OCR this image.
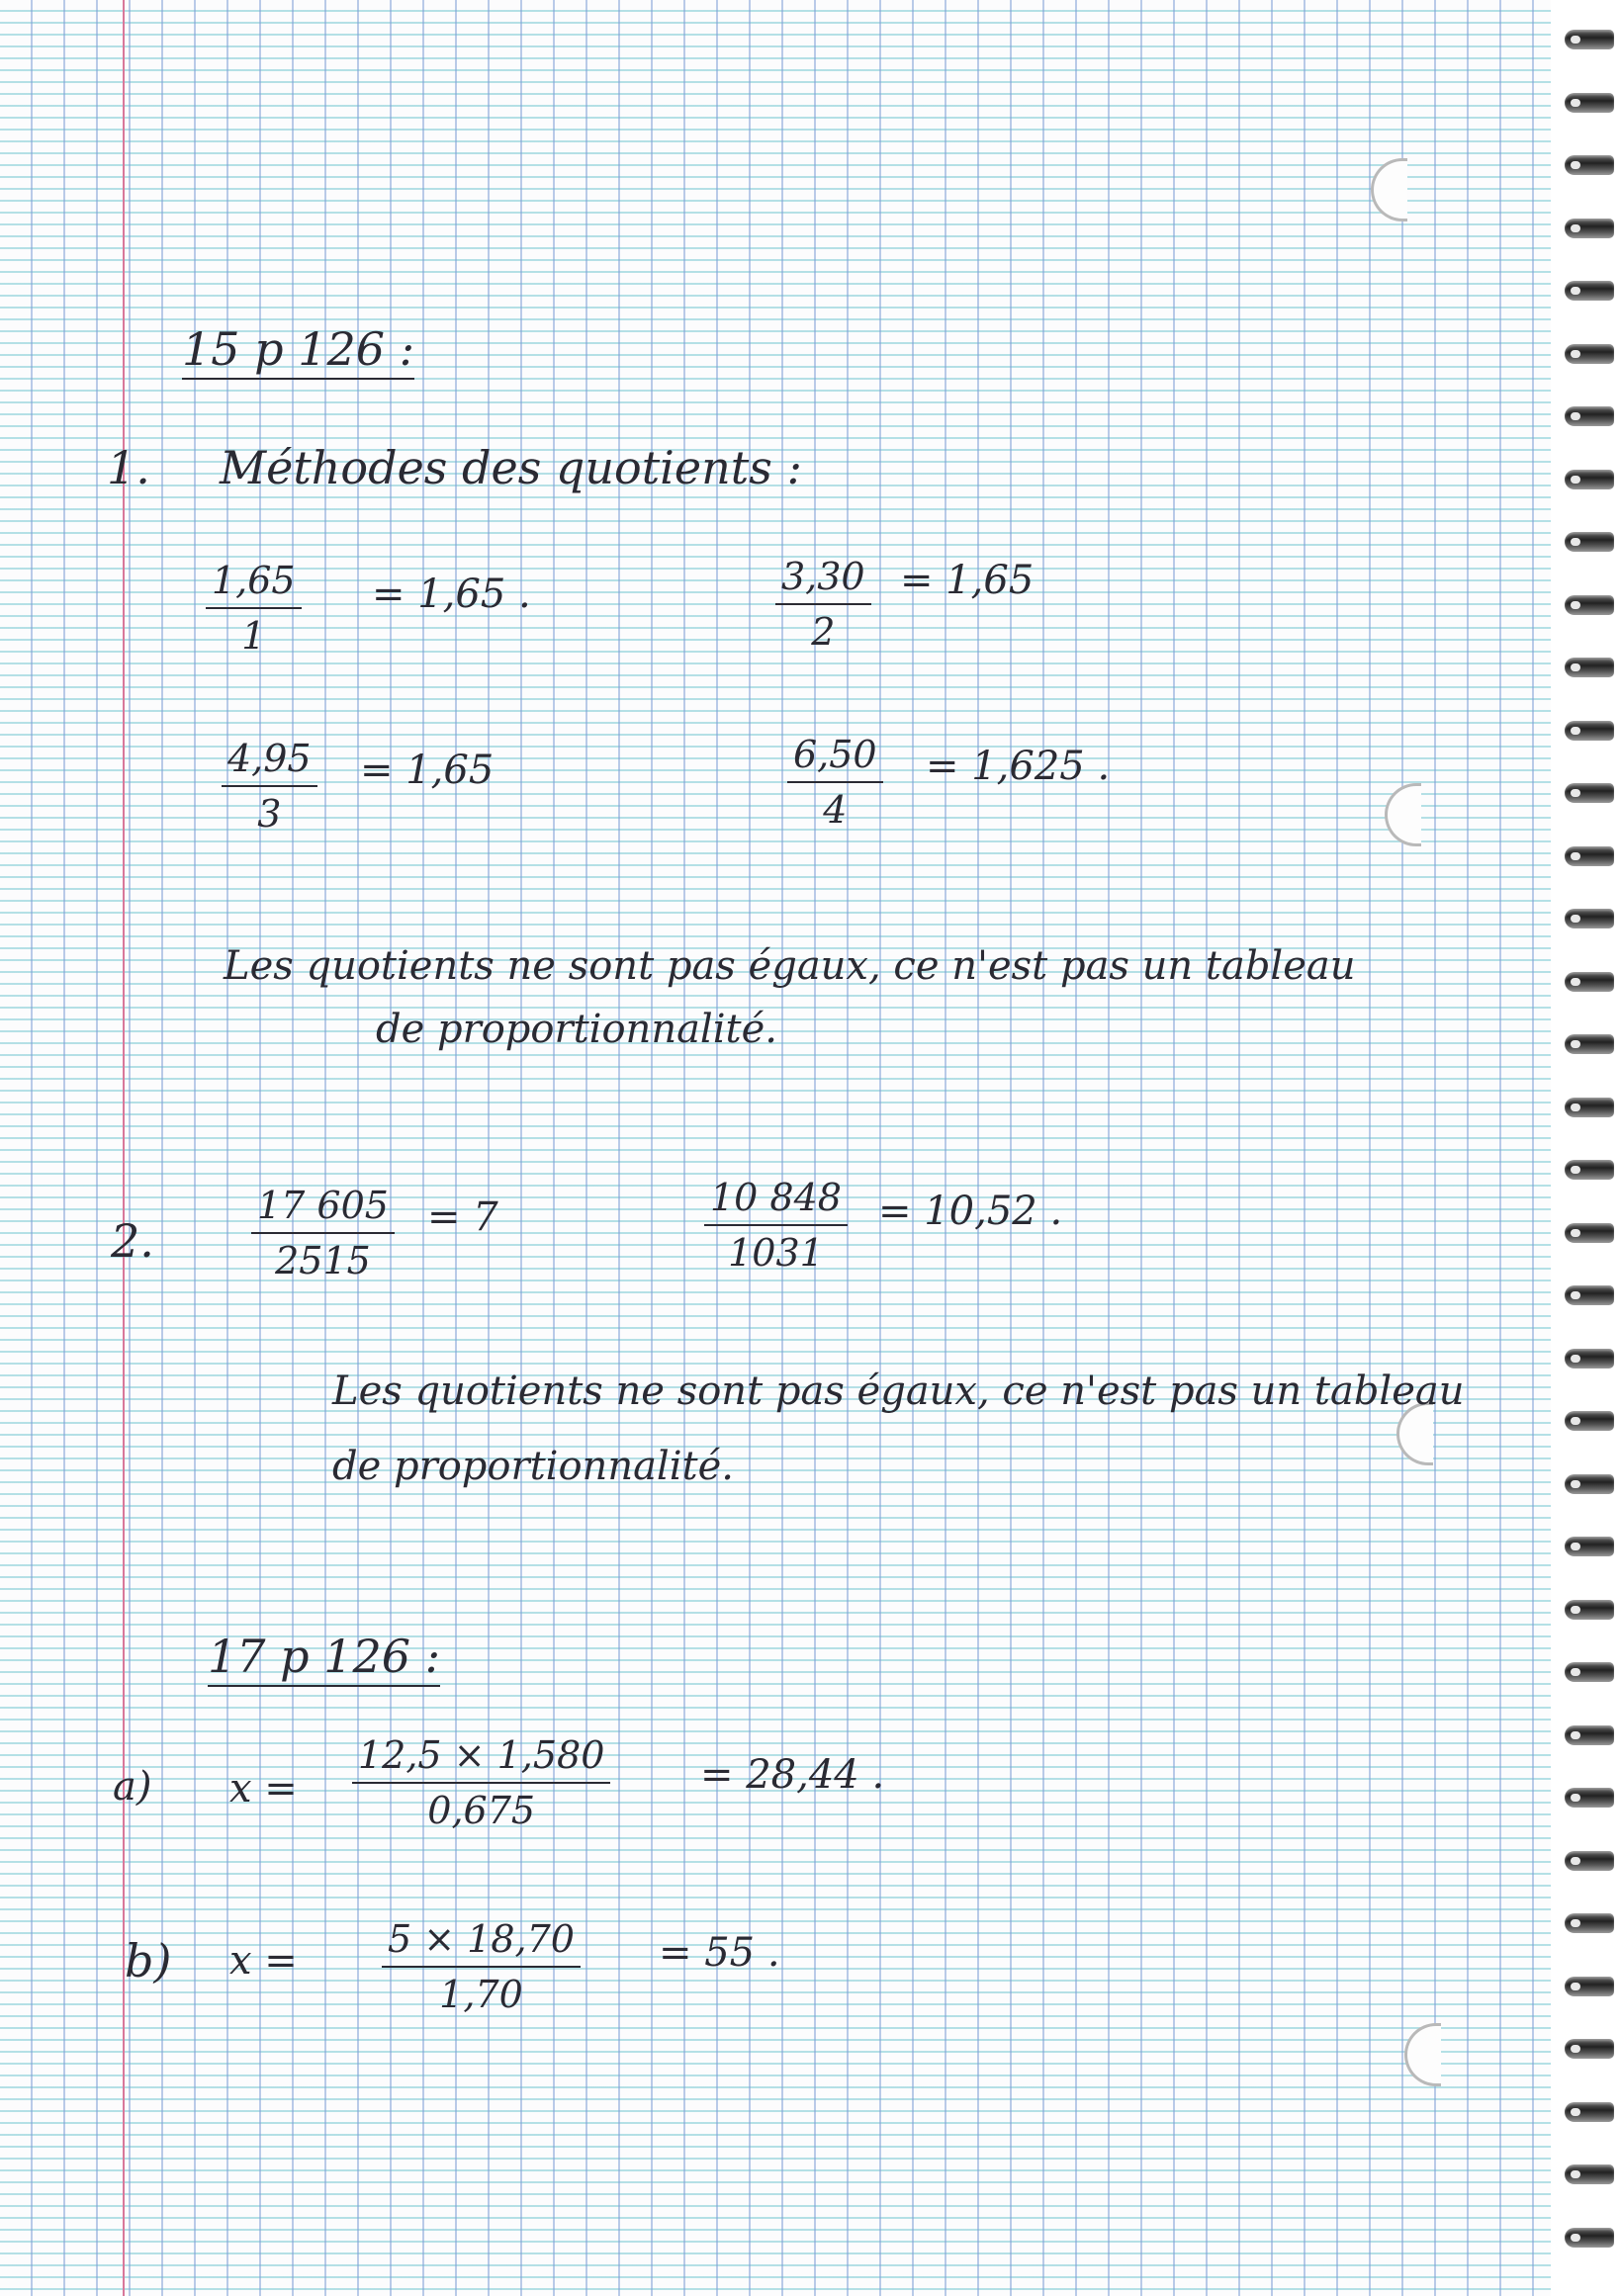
15 p 126 :
1. Méthodes des quotients :
1,65
1
= 1,65 .	3,30
2
= 1,65
4,95
3
= 1,65	6,50
4
= 1,625 .
Les quotients ne sont pas égaux, ce n'est pas un tableau
de proportionnalité.
2.
17 605
2515
= 7	10 848
1031
= 10,52 .
Les quotients ne sont pas égaux, ce n'est pas un tableau
de proportionnalité.
17 p 126 :
a) x =
12,5 × 1,580
0,675
= 28,44 .
b) x = 5 × 18,70
1,70
= 55 .
